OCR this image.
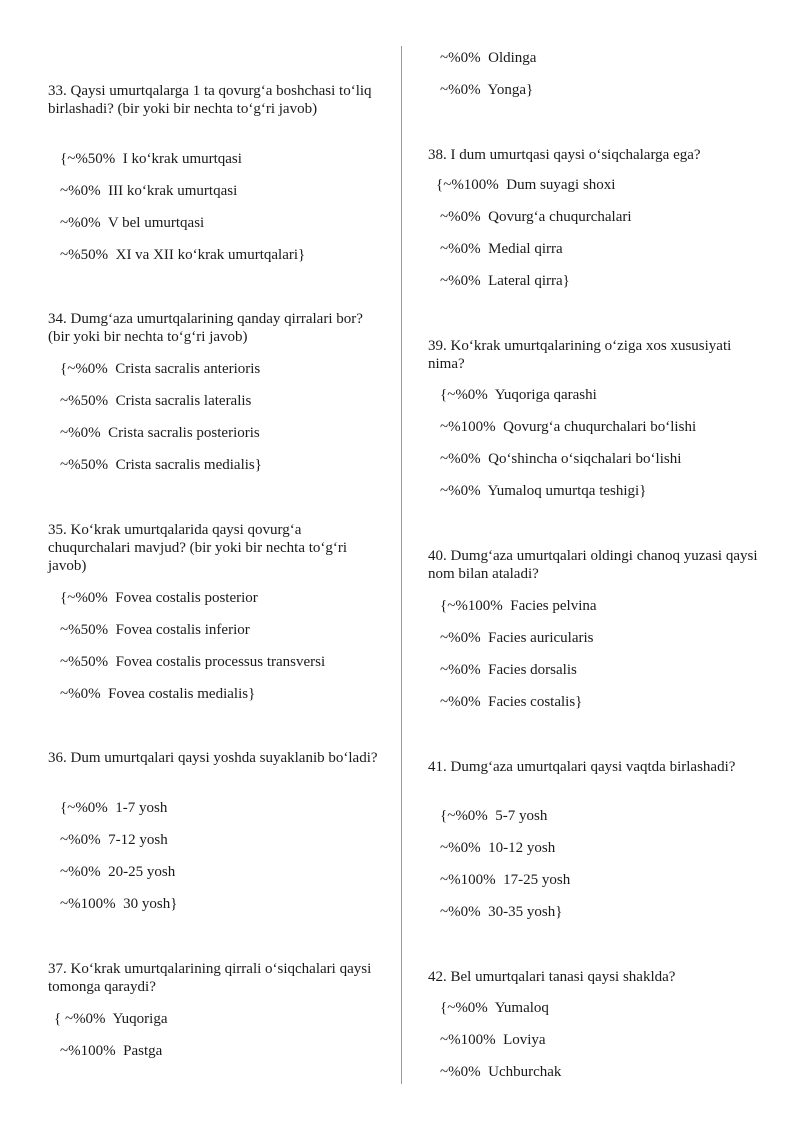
33. Qaysi umurtqalarga 1 ta qovurg‘a boshchasi to‘liq birlashadi? (bir yoki bir nechta to‘g‘ri javob)
{~%50%  I ko‘krak umurtqasi
~%0%  III ko‘krak umurtqasi
~%0%  V bel umurtqasi
~%50%  XI va XII ko‘krak umurtqalari}
34. Dumg‘aza umurtqalarining qanday qirralari bor? (bir yoki bir nechta to‘g‘ri javob)
{~%0%  Crista sacralis anterioris
~%50%  Crista sacralis lateralis
~%0%  Crista sacralis posterioris
~%50%  Crista sacralis medialis}
35. Ko‘krak umurtqalarida qaysi qovurg‘a chuqurchalari mavjud? (bir yoki bir nechta to‘g‘ri javob)
{~%0%  Fovea costalis posterior
~%50%  Fovea costalis inferior
~%50%  Fovea costalis processus transversi
~%0%  Fovea costalis medialis}
36. Dum umurtqalari qaysi yoshda suyaklanib bo‘ladi?
{~%0%  1-7 yosh
~%0%  7-12 yosh
~%0%  20-25 yosh
~%100%  30 yosh}
37. Ko‘krak umurtqalarining qirrali o‘siqchalari qaysi tomonga qaraydi?
{ ~%0%  Yuqoriga
~%100%  Pastga
~%0%  Oldinga
~%0%  Yonga}
38. I dum umurtqasi qaysi o‘siqchalarga ega?
{~%100%  Dum suyagi shoxi
~%0%  Qovurg‘a chuqurchalari
~%0%  Medial qirra
~%0%  Lateral qirra}
39. Ko‘krak umurtqalarining o‘ziga xos xususiyati nima?
{~%0%  Yuqoriga qarashi
~%100%  Qovurg‘a chuqurchalari bo‘lishi
~%0%  Qo‘shincha o‘siqchalari bo‘lishi
~%0%  Yumaloq umurtqa teshigi}
40. Dumg‘aza umurtqalari oldingi chanoq yuzasi qaysi nom bilan ataladi?
{~%100%  Facies pelvina
~%0%  Facies auricularis
~%0%  Facies dorsalis
~%0%  Facies costalis}
41. Dumg‘aza umurtqalari qaysi vaqtda birlashadi?
{~%0%  5-7 yosh
~%0%  10-12 yosh
~%100%  17-25 yosh
~%0%  30-35 yosh}
42. Bel umurtqalari tanasi qaysi shaklda?
{~%0%  Yumaloq
~%100%  Loviya
~%0%  Uchburchak
